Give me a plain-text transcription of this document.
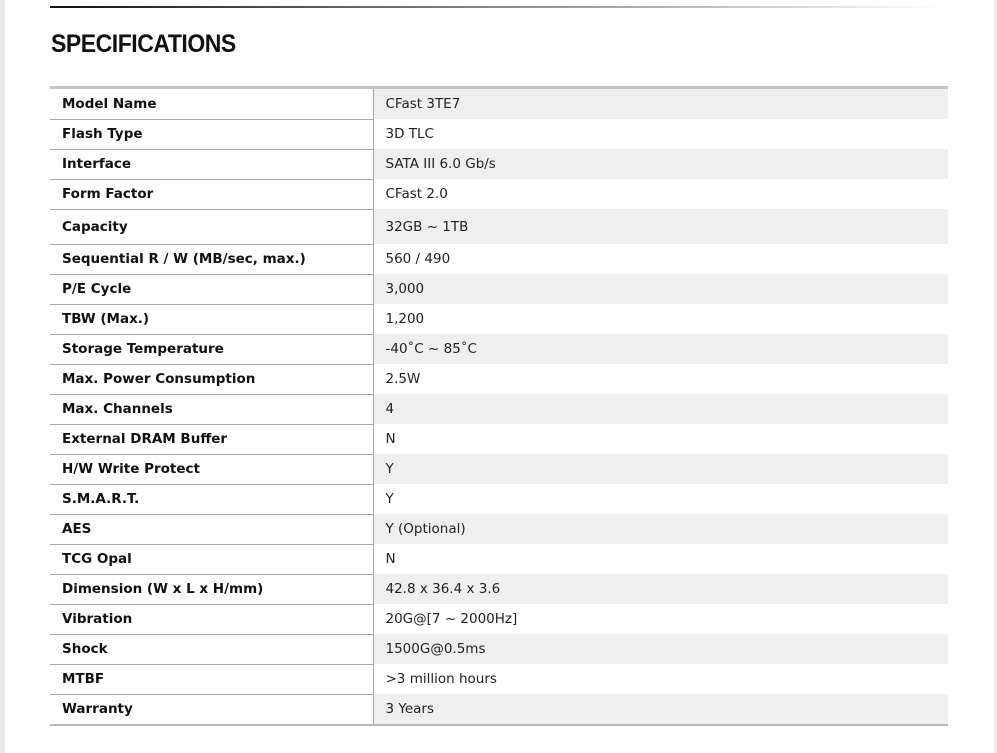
SPECIFICATIONS
Model Name	CFast 3TE7
Flash Type	3D TLC
Interface	SATA III 6.0 Gb/s
Form Factor	CFast 2.0
Capacity	32GB ~ 1TB
Sequential R / W (MB/sec, max.)	560 / 490
P/E Cycle	3,000
TBW (Max.)	1,200
Storage Temperature	-40˚C ~ 85˚C
Max. Power Consumption	2.5W
Max. Channels	4
External DRAM Buffer	N
H/W Write Protect	Y
S.M.A.R.T.	Y
AES	Y (Optional)
TCG Opal	N
Dimension (W x L x H/mm)	42.8 x 36.4 x 3.6
Vibration	20G@[7 ~ 2000Hz]
Shock	1500G@0.5ms
MTBF	>3 million hours
Warranty	3 Years
